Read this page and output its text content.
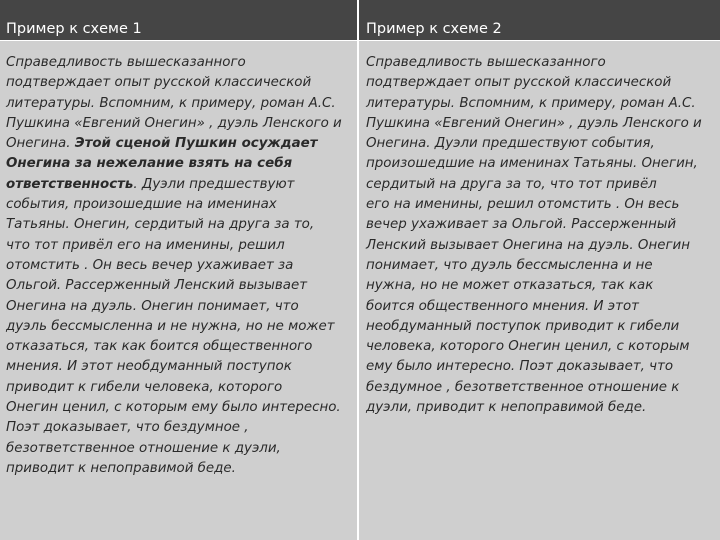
Пример к схеме 1	Пример к схеме 2
Справедливость вышесказанного
подтверждает опыт русской классической
литературы. Вспомним, к примеру, роман А.С.
Пушкина «Евгений Онегин» , дуэль Ленского и
Онегина. Этой сценой Пушкин осуждает
Онегина за нежелание взять на себя
ответственность. Дуэли предшествуют
события, произошедшие на именинах
Татьяны. Онегин, сердитый на друга за то,
что тот привёл его на именины, решил
отомстить . Он весь вечер ухаживает за
Ольгой. Рассерженный Ленский вызывает
Онегина на дуэль. Онегин понимает, что
дуэль бессмысленна и не нужна, но не может
отказаться, так как боится общественного
мнения. И этот необдуманный поступок
приводит к гибели человека, которого
Онегин ценил, с которым ему было интересно.
Поэт доказывает, что бездумное ,
безответственное отношение к дуэли,
приводит к непоправимой беде.
Справедливость вышесказанного
подтверждает опыт русской классической
литературы. Вспомним, к примеру, роман А.С.
Пушкина «Евгений Онегин» , дуэль Ленского и
Онегина. Дуэли предшествуют события,
произошедшие на именинах Татьяны. Онегин,
сердитый на друга за то, что тот привёл
его на именины, решил отомстить . Он весь
вечер ухаживает за Ольгой. Рассерженный
Ленский вызывает Онегина на дуэль. Онегин
понимает, что дуэль бессмысленна и не
нужна, но не может отказаться, так как
боится общественного мнения. И этот
необдуманный поступок приводит к гибели
человека, которого Онегин ценил, с которым
ему было интересно. Поэт доказывает, что
бездумное , безответственное отношение к
дуэли, приводит к непоправимой беде.
